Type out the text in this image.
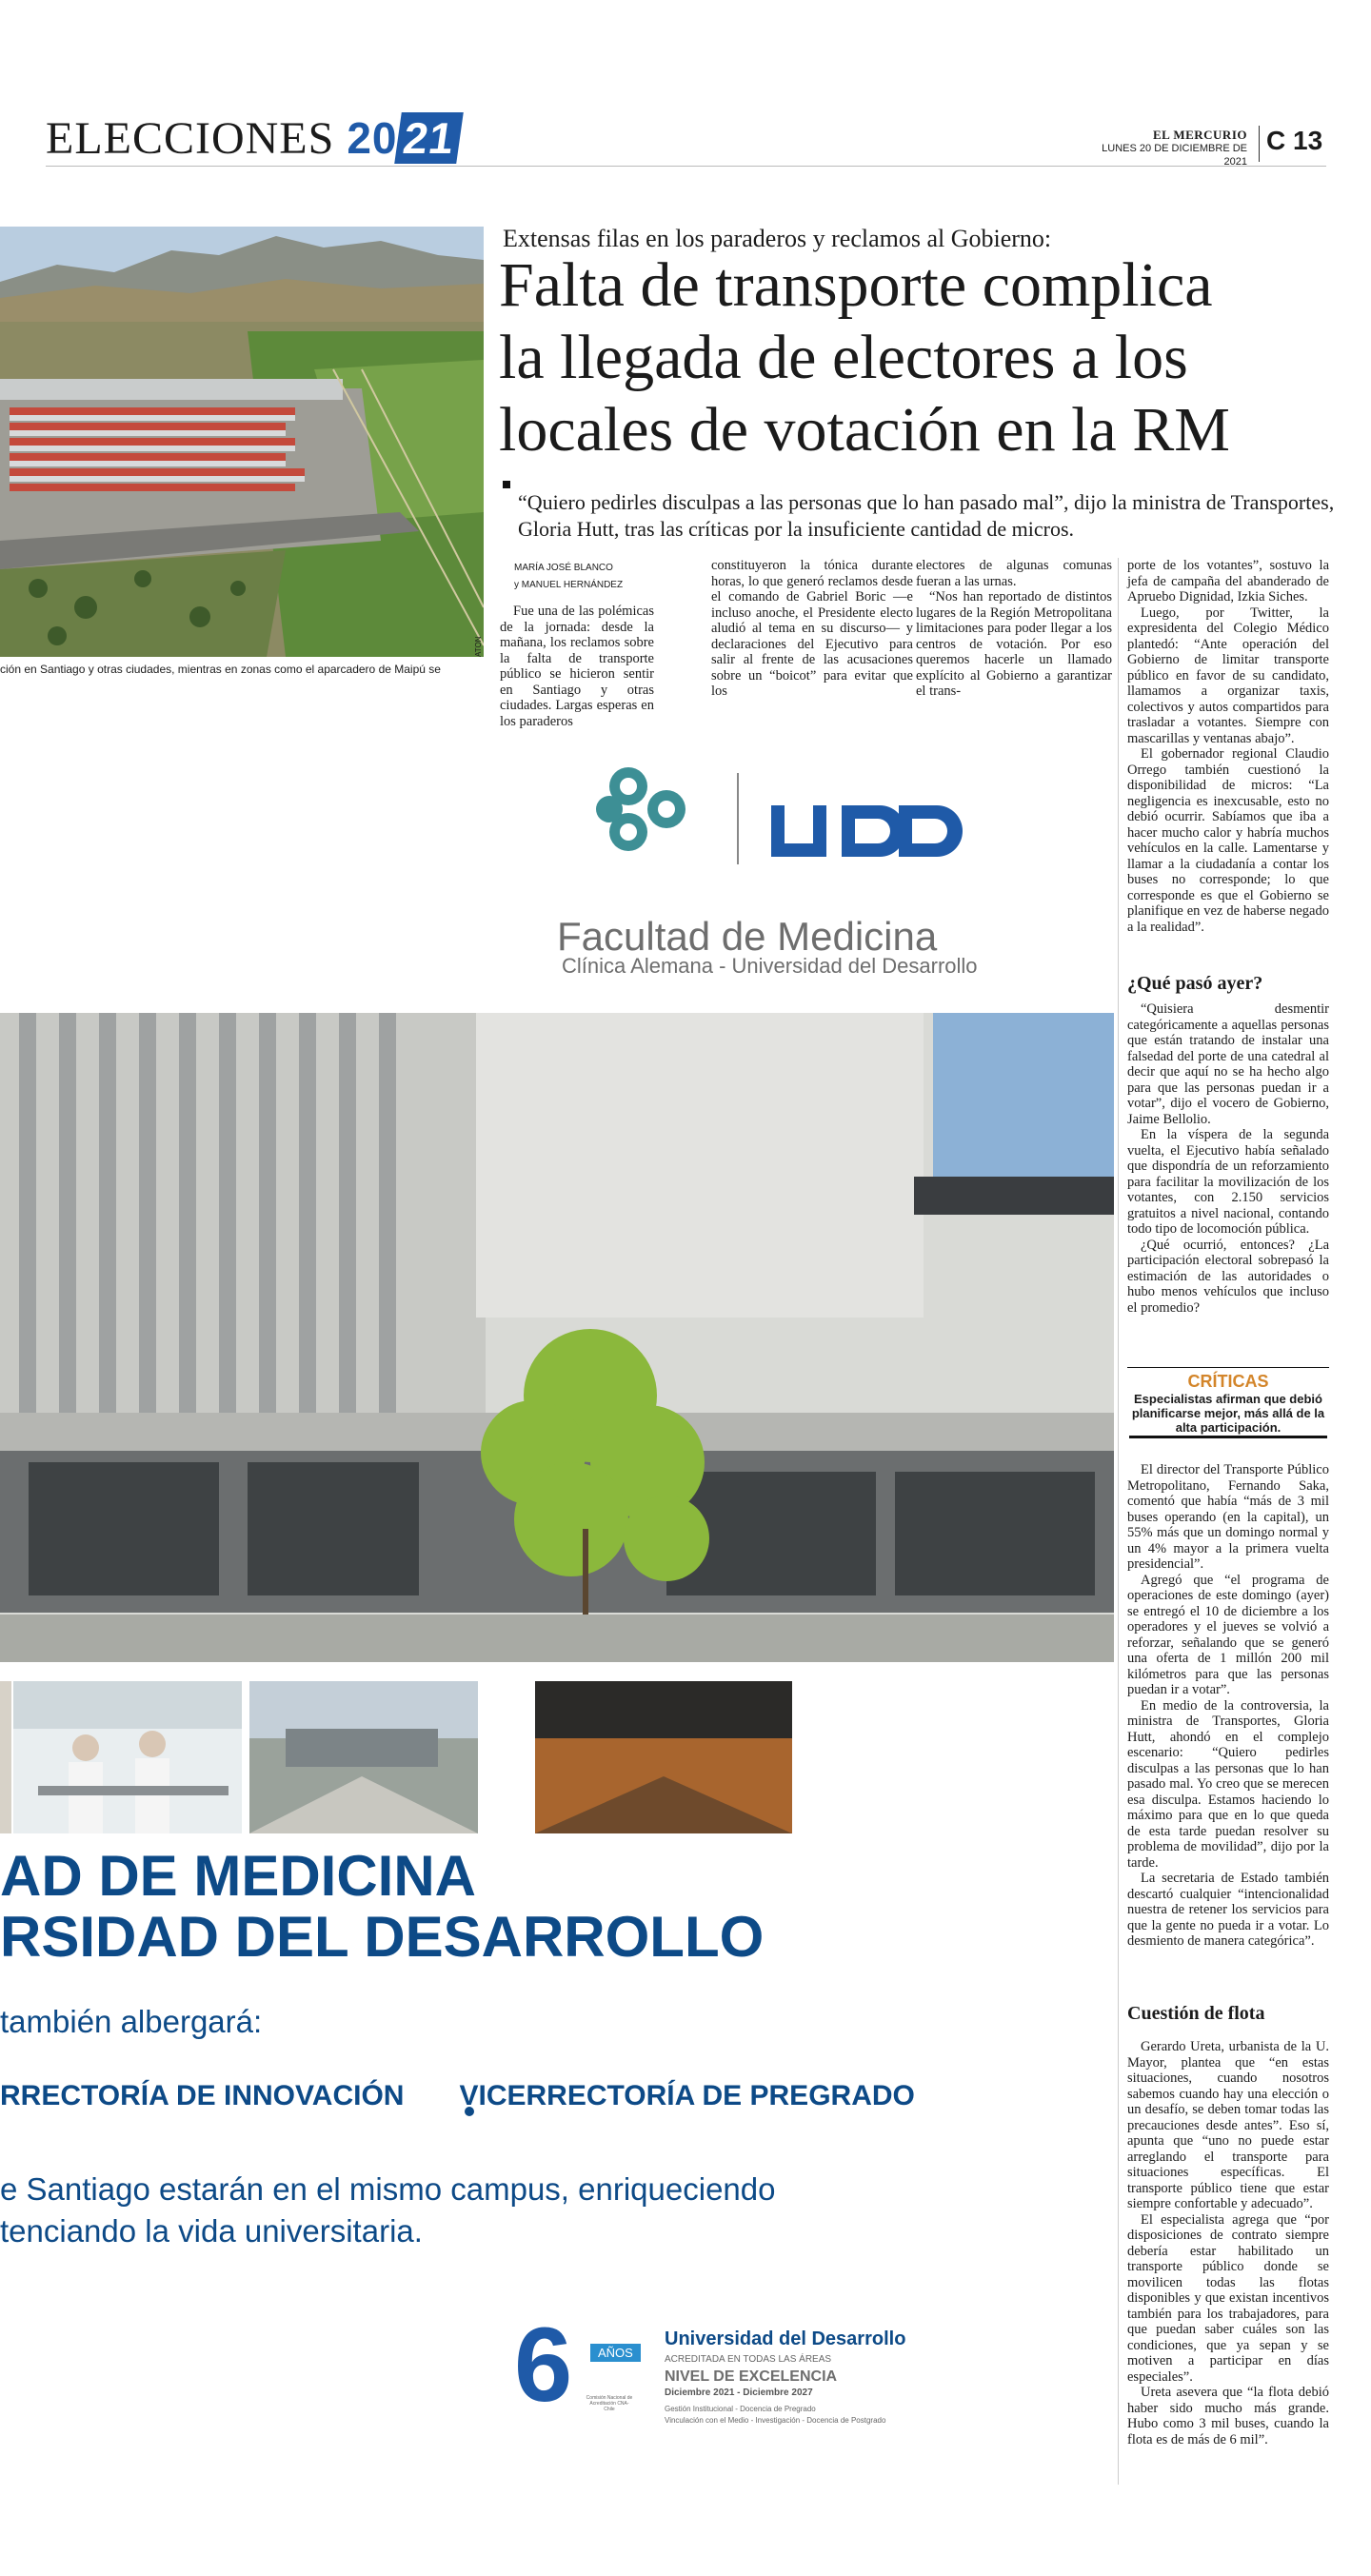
ELECCIONES 2021	EL MERCURIO
LUNES 20 DE DICIEMBRE DE 2021
C 13
ción en Santiago y otras ciudades, mientras en zonas como el aparcadero de Maipú se
ATON
Extensas filas en los paraderos y reclamos al Gobierno:
Falta de transporte complica
la llegada de electores a los
locales de votación en la RM
“Quiero pedirles disculpas a las personas que lo han pasado mal”, dijo la ministra de Transportes, Gloria Hutt, tras las críticas por la insuficiente cantidad de micros.
MARÍA JOSÉ BLANCO
y MANUEL HERNÁNDEZ

Fue una de las polémicas de la jornada: desde la mañana, los reclamos sobre la falta de transporte público se hicieron sentir en Santiago y otras ciudades. Largas esperas en los paraderos

constituyeron la tónica durante horas, lo que generó reclamos desde el comando de Gabriel Boric —e incluso anoche, el Presidente electo aludió al tema en su discurso— y declaraciones del Ejecutivo para salir al frente de las acusaciones sobre un “boicot” para evitar que los

electores de algunas comunas fueran a las urnas.

“Nos han reportado de distintos lugares de la Región Metropolitana limitaciones para poder llegar a los centros de votación. Por eso queremos hacerle un llamado explícito al Gobierno a garantizar el trans-

porte de los votantes”, sostuvo la jefa de campaña del abanderado de Apruebo Dignidad, Izkia Siches.

Luego, por Twitter, la expresidenta del Colegio Médico plantedó: “Ante operación del Gobierno de limitar transporte público en favor de su candidato, llamamos a organizar taxis, colectivos y autos compartidos para trasladar a votantes. Siempre con mascarillas y ventanas abajo”.

El gobernador regional Claudio Orrego también cuestionó la disponibilidad de micros: “La negligencia es inexcusable, esto no debió ocurrir. Sabíamos que iba a hacer mucho calor y habría muchos vehículos en la calle. Lamentarse y llamar a la ciudadanía a contar los buses no corresponde; lo que corresponde es que el Gobierno se planifique en vez de haberse negado a la realidad”.

¿Qué pasó ayer?

“Quisiera desmentir categóricamente a aquellas personas que están tratando de instalar una falsedad del porte de una catedral al decir que aquí no se ha hecho algo para que las personas puedan ir a votar”, dijo el vocero de Gobierno, Jaime Bellolio.

En la víspera de la segunda vuelta, el Ejecutivo había señalado que dispondría de un reforzamiento para facilitar la movilización de los votantes, con 2.150 servicios gratuitos a nivel nacional, contando todo tipo de locomoción pública.

¿Qué ocurrió, entonces? ¿La participación electoral sobrepasó la estimación de las autoridades o hubo menos vehículos que incluso el promedio?

CRÍTICAS
Especialistas afirman que debió planificarse mejor, más allá de la alta participación.

El director del Transporte Público Metropolitano, Fernando Saka, comentó que había “más de 3 mil buses operando (en la capital), un 55% más que un domingo normal y un 4% mayor a la primera vuelta presidencial”.

Agregó que “el programa de operaciones de este domingo (ayer) se entregó el 10 de diciembre a los operadores y el jueves se volvió a reforzar, señalando que se generó una oferta de 1 millón 200 mil kilómetros para que las personas puedan ir a votar”.

En medio de la controversia, la ministra de Transportes, Gloria Hutt, ahondó en el complejo escenario: “Quiero pedirles disculpas a las personas que lo han pasado mal. Yo creo que se merecen esa disculpa. Estamos haciendo lo máximo para que en lo que queda de esta tarde puedan resolver su problema de movilidad”, dijo por la tarde.

La secretaria de Estado también descartó cualquier “intencionalidad nuestra de retener los servicios para que la gente no pueda ir a votar. Lo desmiento de manera categórica”.

Cuestión de flota

Gerardo Ureta, urbanista de la U. Mayor, plantea que “en estas situaciones, cuando nosotros sabemos cuando hay una elección o un desafío, se deben tomar todas las precauciones desde antes”. Eso sí, apunta que “uno no puede estar arreglando el transporte para situaciones específicas. El transporte público tiene que estar siempre confortable y adecuado”.

El especialista agrega que “por disposiciones de contrato siempre debería estar habilitado un transporte público donde se movilicen todas las flotas disponibles y que existan incentivos también para los trabajadores, para que puedan saber cuáles son las condiciones, que ya sepan y se motiven a participar en días especiales”.

Ureta asevera que “la flota debió haber sido mucho más grande. Hubo como 3 mil buses, cuando la flota es de más de 6 mil”.

Facultad de Medicina
Clínica Alemana - Universidad del Desarrollo
AD DE MEDICINA
RSIDAD DEL DESARROLLO
también albergará:
RRECTORÍA DE INNOVACIÓN VICERRECTORÍA DE PREGRADO
e Santiago estarán en el mismo campus, enriqueciendo
tenciando la vida universitaria.
6	AÑOS
Comisión Nacional de Acreditación CNA-Chile
Universidad del Desarrollo
ACREDITADA EN TODAS LAS ÁREAS
NIVEL DE EXCELENCIA
Diciembre 2021 - Diciembre 2027
Gestión Institucional - Docencia de Pregrado
Vinculación con el Medio - Investigación - Docencia de Postgrado
